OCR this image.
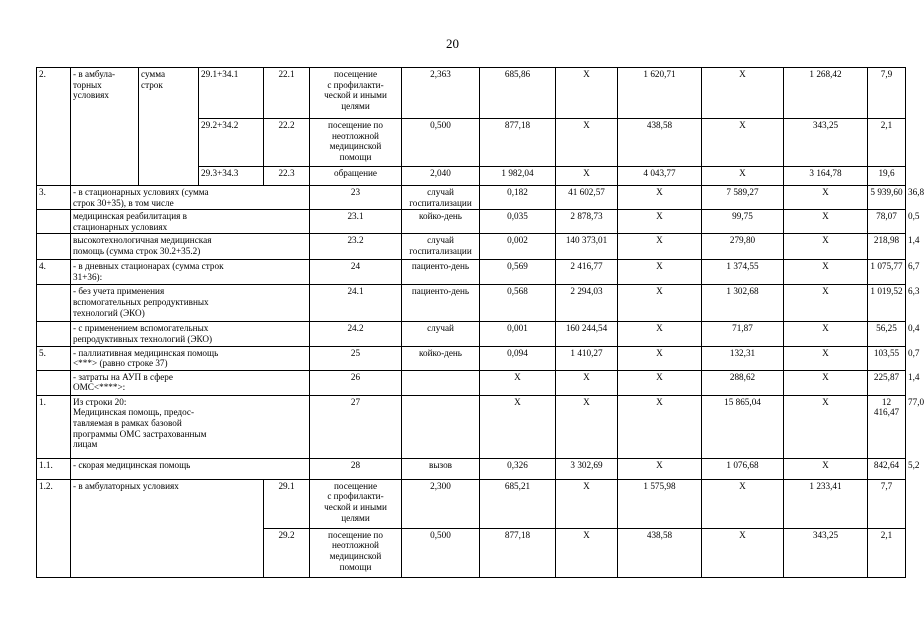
20
2.	- в амбула-
торных
условиях	сумма
строк	29.1+34.1	22.1	посещение
с профилакти-
ческой и иными
целями	2,363	685,86	X	1 620,71	X	1 268,42	7,9	
			29.2+34.2	22.2	посещение по
неотложной
медицинской
помощи	0,500	877,18	X	438,58	X	343,25	2,1	
			29.3+34.3	22.3	обращение	2,040	1 982,04	X	4 043,77	X	3 164,78	19,6	
3.	- в стационарных условиях (сумма
строк 30+35), в том числе				23	случай
госпитализации	0,182	41 602,57	X	7 589,27	X	5 939,60	36,8
	медицинская реабилитация в
стационарных условиях				23.1	койко-день	0,035	2 878,73	X	99,75	X	78,07	0,5
	высокотехнологичная медицинская
помощь (сумма строк 30.2+35.2)				23.2	случай
госпитализации	0,002	140 373,01	X	279,80	X	218,98	1,4
4.	- в дневных стационарах (сумма строк
31+36):				24	пациенто-день	0,569	2 416,77	X	1 374,55	X	1 075,77	6,7
	- без учета применения
вспомогательных репродуктивных
технологий (ЭКО)				24.1	пациенто-день	0,568	2 294,03	X	1 302,68	X	1 019,52	6,3
	- с применением вспомогательных
репродуктивных технологий (ЭКО)				24.2	случай	0,001	160 244,54	X	71,87	X	56,25	0,4
5.	- паллиативная медицинская помощь
<***> (равно строке 37)				25	койко-день	0,094	1 410,27	X	132,31	X	103,55	0,7
	- затраты на АУП в сфере
ОМС<****>:				26		X	X	X	288,62	X	225,87	1,4
1.	Из строки 20:
Медицинская помощь, предос-
тавляемая в рамках базовой
программы ОМС застрахованным
лицам				27		X	X	X	15 865,04	X	12 416,47	77,0
1.1.	- скорая медицинская помощь				28	вызов	0,326	3 302,69	X	1 076,68	X	842,64	5,2
1.2.	- в амбулаторных условиях			29.1	посещение
с профилакти-
ческой и иными
целями	2,300	685,21	X	1 575,98	X	1 233,41	7,7	
				29.2	посещение по
неотложной
медицинской
помощи	0,500	877,18	X	438,58	X	343,25	2,1	
